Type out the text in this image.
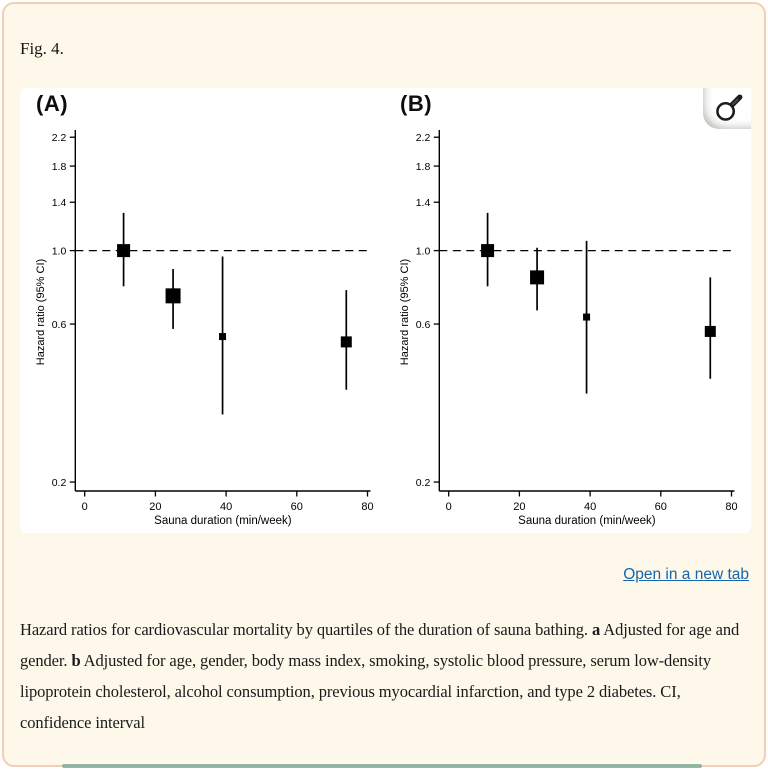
Fig. 4.
(A)	(B)
0.2
0.6
1.0
1.4
1.8
2.2
0	20	40	60	80
Sauna duration (min/week)
Hazard ratio (95% CI)
0.2
0.6
1.0
1.4
1.8
2.2
0	20	40	60	80
Sauna duration (min/week)
Hazard ratio (95% CI)
Open in a new tab

Hazard ratios for cardiovascular mortality by quartiles of the duration of sauna bathing. a Adjusted for age and gender. b Adjusted for age, gender, body mass index, smoking, systolic blood pressure, serum low-density lipoprotein cholesterol, alcohol consumption, previous myocardial infarction, and type 2 diabetes. CI, confidence interval
